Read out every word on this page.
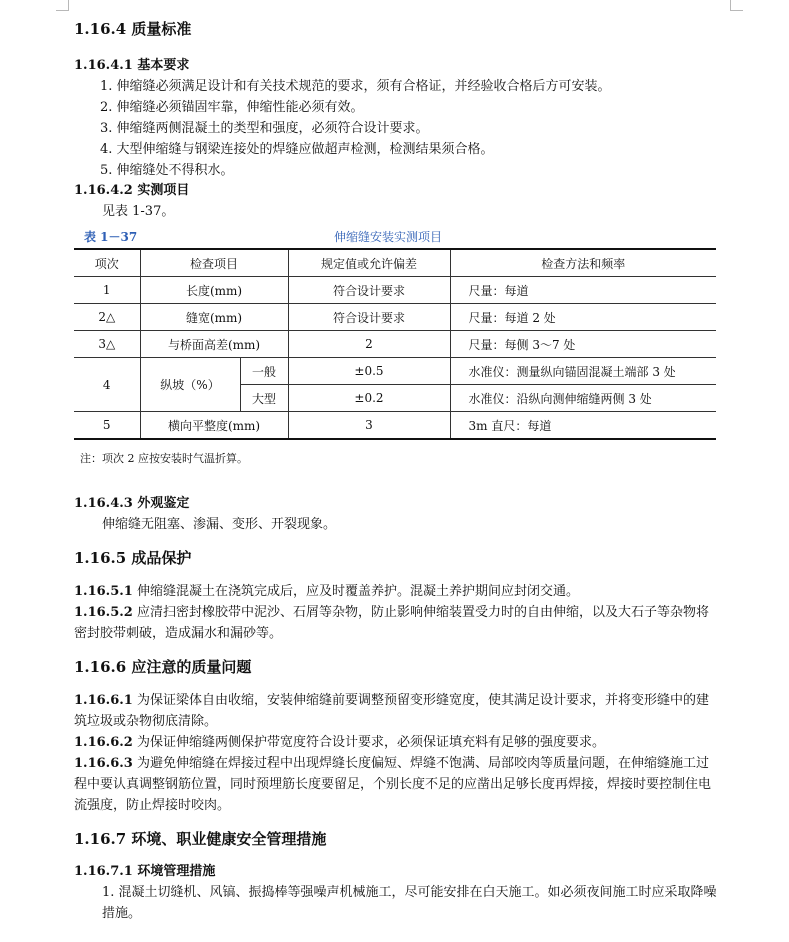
1.16.4 质量标准
1.16.4.1 基本要求
1. 伸缩缝必须满足设计和有关技术规范的要求，须有合格证，并经验收合格后方可安装。
2. 伸缩缝必须锚固牢靠，伸缩性能必须有效。
3. 伸缩缝两侧混凝土的类型和强度，必须符合设计要求。
4. 大型伸缩缝与钢梁连接处的焊缝应做超声检测，检测结果须合格。
5. 伸缩缝处不得积水。
1.16.4.2 实测项目
见表 1-37。
表 1－37	伸缩缝安装实测项目
项次	检查项目		规定值或允许偏差	检查方法和频率
1	长度(mm)		符合设计要求	尺量：每道
2△	缝宽(mm)		符合设计要求	尺量：每道 2 处
3△	与桥面高差(mm)		2	尺量：每侧 3～7 处
4	纵坡（%）	一般	±0.5	水准仪：测量纵向锚固混凝土端部 3 处
		大型	±0.2	水准仪：沿纵向测伸缩缝两侧 3 处
5	横向平整度(mm)		3	3m 直尺：每道
注：项次 2 应按安装时气温折算。
1.16.4.3 外观鉴定
伸缩缝无阻塞、渗漏、变形、开裂现象。
1.16.5 成品保护
1.16.5.1 伸缩缝混凝土在浇筑完成后，应及时覆盖养护。混凝土养护期间应封闭交通。
1.16.5.2 应清扫密封橡胶带中泥沙、石屑等杂物，防止影响伸缩装置受力时的自由伸缩，以及大石子等杂物将密封胶带刺破，造成漏水和漏砂等。
1.16.6 应注意的质量问题
1.16.6.1 为保证梁体自由收缩，安装伸缩缝前要调整预留变形缝宽度，使其满足设计要求，并将变形缝中的建筑垃圾或杂物彻底清除。
1.16.6.2 为保证伸缩缝两侧保护带宽度符合设计要求，必须保证填充料有足够的强度要求。
1.16.6.3 为避免伸缩缝在焊接过程中出现焊缝长度偏短、焊缝不饱满、局部咬肉等质量问题，在伸缩缝施工过程中要认真调整钢筋位置，同时预埋筋长度要留足，个别长度不足的应凿出足够长度再焊接，焊接时要控制住电流强度，防止焊接时咬肉。
1.16.7 环境、职业健康安全管理措施
1.16.7.1 环境管理措施
1. 混凝土切缝机、风镐、振捣棒等强噪声机械施工，尽可能安排在白天施工。如必须夜间施工时应采取降噪措施。
